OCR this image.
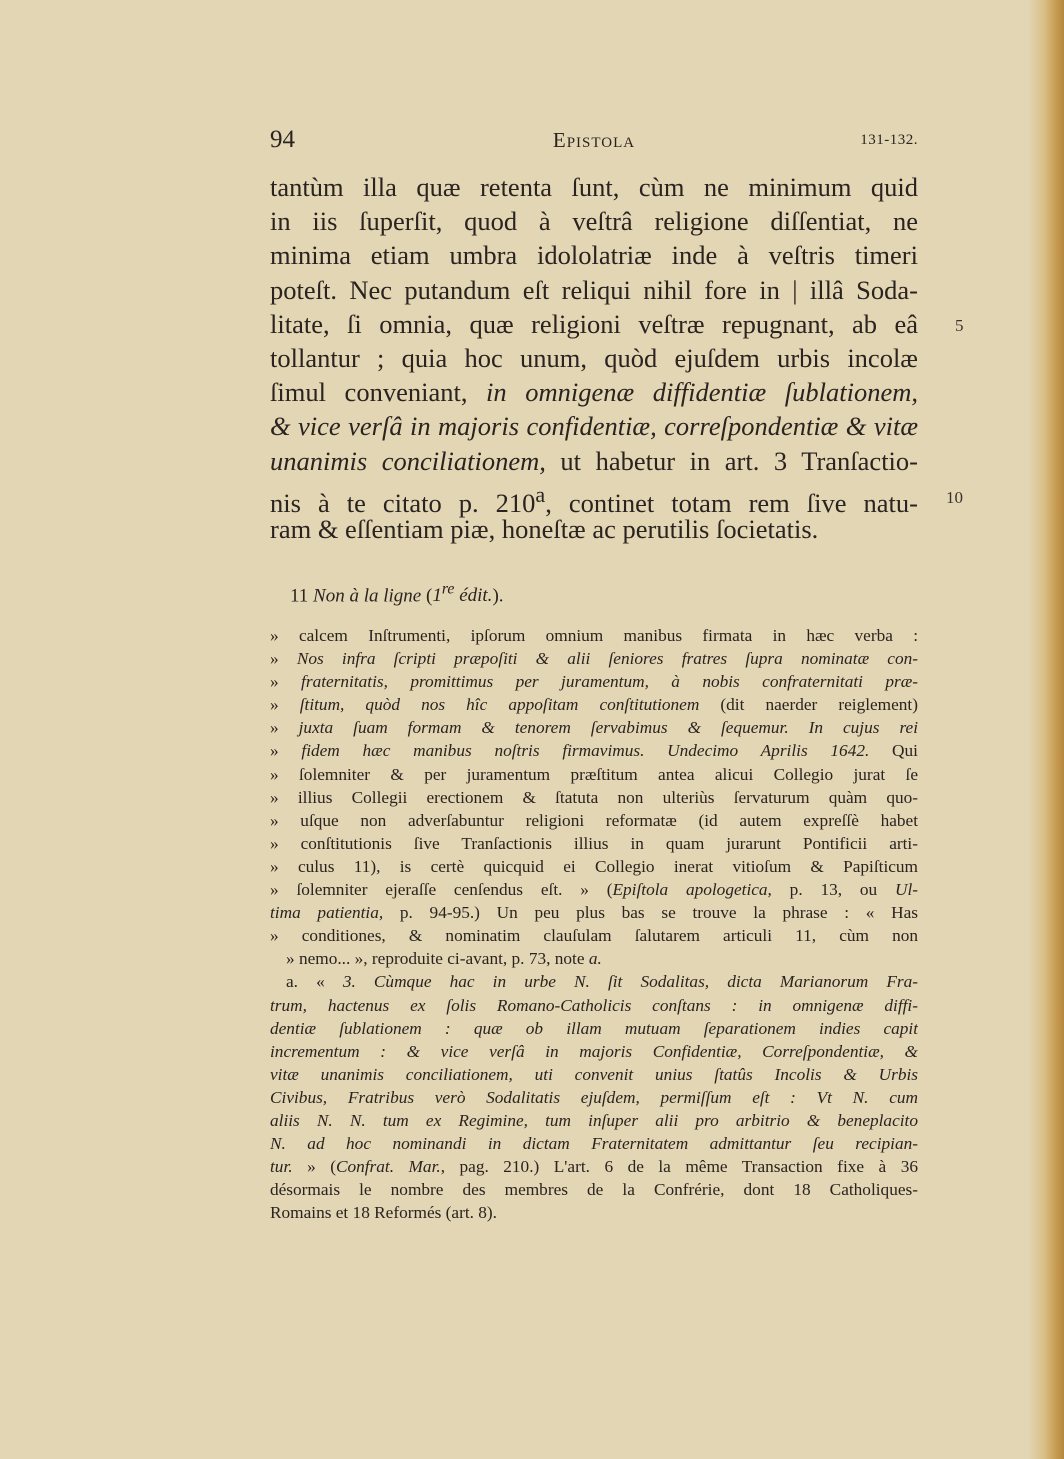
94	Epistola	131-132.
tantùm illa quæ retenta ſunt, cùm ne minimum quid
in iis ſuperſit, quod à veſtrâ religione diſſentiat, ne
minima etiam umbra idololatriæ inde à veſtris timeri
poteſt. Nec putandum eſt reliqui nihil fore in | illâ Soda-
litate, ſi omnia, quæ religioni veſtræ repugnant, ab eâ
tollantur ; quia hoc unum, quòd ejuſdem urbis incolæ
ſimul conveniant, in omnigenæ diffidentiæ ſublationem,
& vice verſâ in majoris confidentiæ, correſpondentiæ & vitæ
unanimis conciliationem, ut habetur in art. 3 Tranſactio-
nis à te citato p. 210$^a$, continet totam rem ſive natu-
ram & eſſentiam piæ, honeſtæ ac perutilis ſocietatis.
5
10
11 Non à la ligne (1re édit.).
» calcem Inſtrumenti, ipſorum omnium manibus firmata in hæc verba :
» Nos infra ſcripti præpoſiti & alii ſeniores fratres ſupra nominatæ con-
» fraternitatis, promittimus per juramentum, à nobis confraternitati præ-
» ſtitum, quòd nos hîc appoſitam conſtitutionem (dit naerder reiglement)
» juxta ſuam formam & tenorem ſervabimus & ſequemur. In cujus rei
» fidem hæc manibus noſtris firmavimus. Undecimo Aprilis 1642. Qui
» ſolemniter & per juramentum præſtitum antea alicui Collegio jurat ſe
» illius Collegii erectionem & ſtatuta non ulteriùs ſervaturum quàm quo-
» uſque non adverſabuntur religioni reformatæ (id autem expreſſè habet
» conſtitutionis ſive Tranſactionis illius in quam jurarunt Pontificii arti-
» culus 11), is certè quicquid ei Collegio inerat vitioſum & Papiſticum
» ſolemniter ejeraſſe cenſendus eſt. » (Epiſtola apologetica, p. 13, ou Ul-
tima patientia, p. 94-95.) Un peu plus bas se trouve la phrase : « Has
» conditiones, & nominatim clauſulam ſalutarem articuli 11, cùm non
» nemo... », reproduite ci-avant, p. 73, note a.
a. « 3. Cùmque hac in urbe N. ſit Sodalitas, dicta Marianorum Fra-
trum, hactenus ex ſolis Romano-Catholicis conſtans : in omnigenæ diffi-
dentiæ ſublationem : quæ ob illam mutuam ſeparationem indies capit
incrementum : & vice verſâ in majoris Confidentiæ, Correſpondentiæ, &
vitæ unanimis conciliationem, uti convenit unius ſtatûs Incolis & Urbis
Civibus, Fratribus verò Sodalitatis ejuſdem, permiſſum eſt : Vt N. cum
aliis N. N. tum ex Regimine, tum inſuper alii pro arbitrio & beneplacito
N. ad hoc nominandi in dictam Fraternitatem admittantur ſeu recipian-
tur. » (Confrat. Mar., pag. 210.) L'art. 6 de la même Transaction fixe à 36
désormais le nombre des membres de la Confrérie, dont 18 Catholiques-
Romains et 18 Reformés (art. 8).
